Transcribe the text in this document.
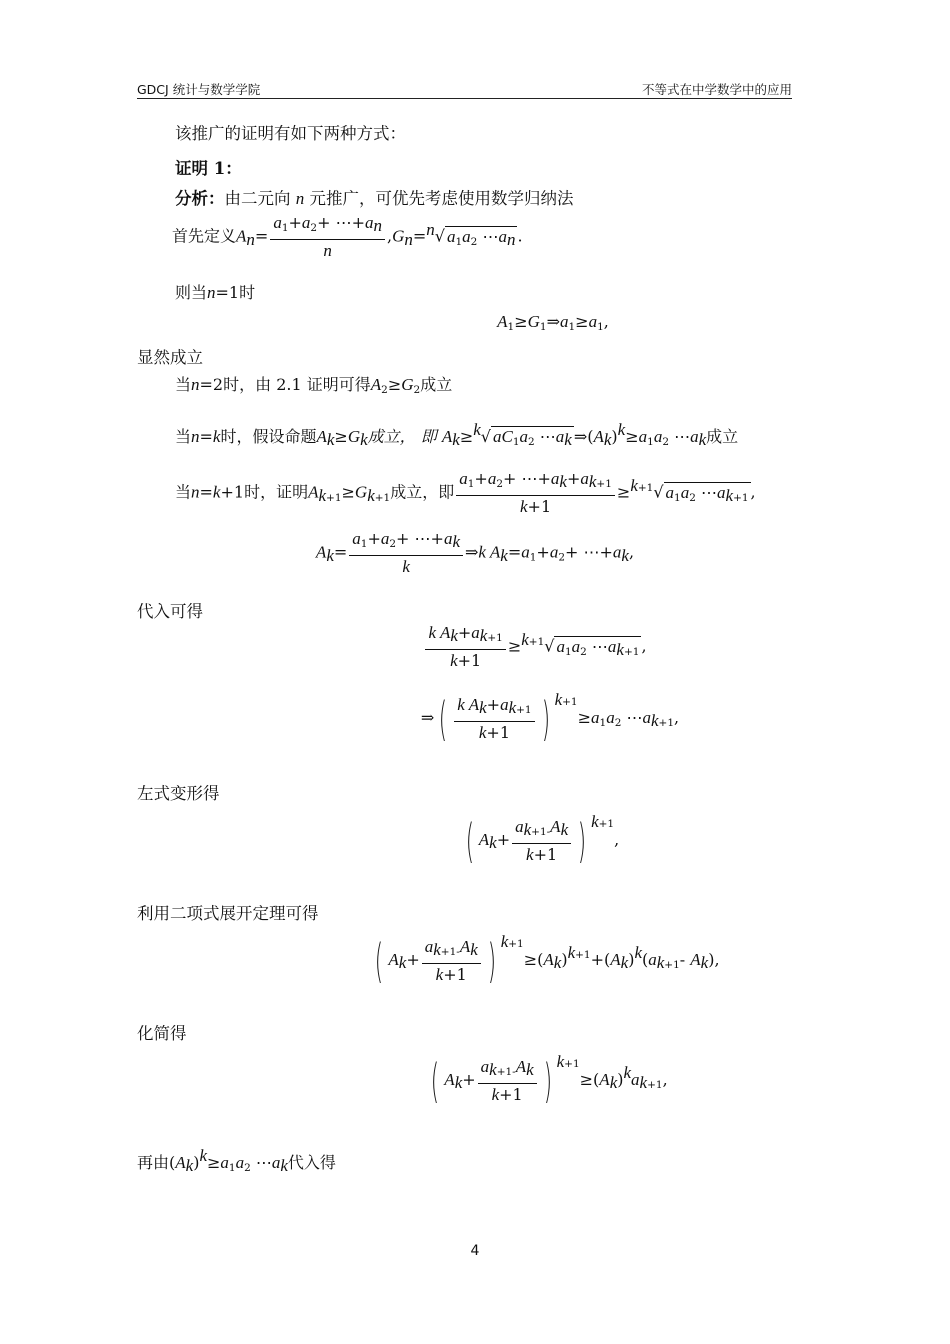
GDCJ 统计与数学学院	不等式在中学数学中的应用
该推广的证明有如下两种方式：
证明 1：
分析：由二元向 n 元推广，可优先考虑使用数学归纳法
首先定义$A_n= \frac{a_1+a_2+ \cdots+a_n}{n} ,G_n=^n√$ $a_1a_2$ $\cdots a_n$ .
则当n=1时
$A_1\ge G_1\Rightarrow a_1\ge a_1$,
显然成立
当n=2时，由 2.1 证明可得$A_2\ge G_2$成立
当n=k时，假设命题$A_k\ge G_k$成立， 即 $A_k\ge^k√$ $aC_1a_2$ $\cdots a_k$ $\Rightarrow(A_k)^k\ge a_1a_2$ $\cdots a_k$成立
当n=k+1时，证明$A_{k+1}\ge G_{k+1}$成立，即 $\frac{a_1+a_2+ \cdots+a_k+a_{k+1}}{k+1} \ge^{k+1}√$ $a_1a_2$ $\cdots a_{k+1}$ ,
$A_k= \frac{a_1+a_2+ \cdots+a_k}{k}$ ⇒k $A_k=a_1+a_2+$ $\cdots+a_k$,
代入可得
$\frac{k A_k+a_{k+1}}{k+1} \ge^{k+1}√$ $a_1a_2$ $\cdots a_{k+1}$ ,
⇒ ( $\frac{k A_k+a_{k+1}}{k+1}$ ) $^{k+1}\ge a_1a_2$ $\cdots a_{k+1}$,
左式变形得
( $A_k+ \frac{a_{k+1-}A_k}{k+1}$ ) $^{k+1}$,
利用二项式展开定理可得
( $A_k+ \frac{a_{k+1-}A_k}{k+1}$ ) $^{k+1}\ge(A_k)^{k+1}+(A_k)^k(a_{k+1}-$ $A_k$),
化简得
( $A_k+ \frac{a_{k+1-}A_k}{k+1}$ ) $^{k+1}\ge(A_k)^ka_{k+1}$,
再由$(A_k)^k\ge a_1a_2$ $\cdots a_k$代入得
4
